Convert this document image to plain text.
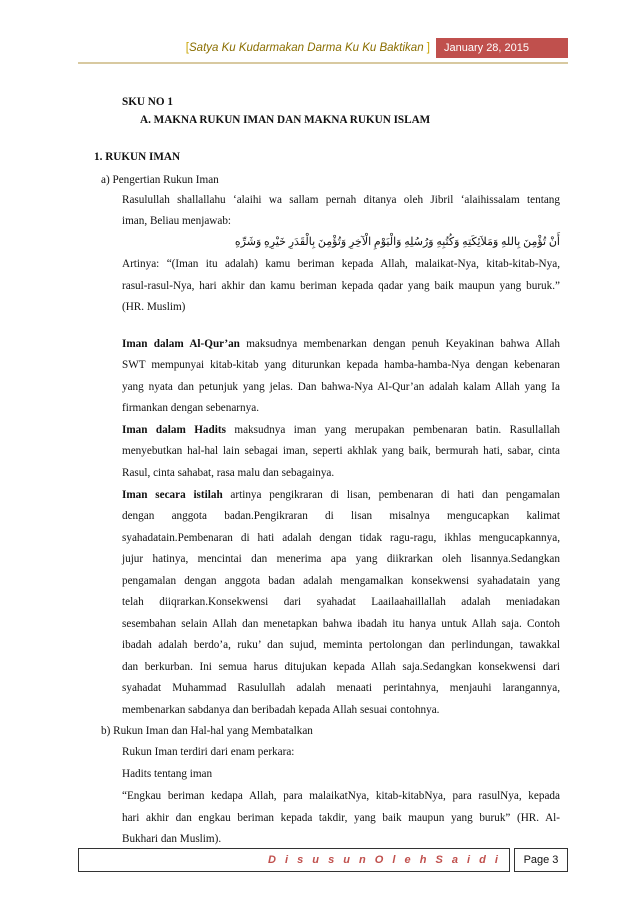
[Satya Ku Kudarmakan Darma Ku Ku Baktikan ]	January 28, 2015
SKU NO 1
A. MAKNA RUKUN IMAN DAN MAKNA RUKUN ISLAM
1. RUKUN IMAN
a) Pengertian Rukun Iman
Rasulullah shallallahu ‘alaihi wa sallam pernah ditanya oleh Jibril ‘alaihissalam tentang
iman, Beliau menjawab:
أَنْ تُؤْمِنَ بِاللهِ وَمَلاَئِكَتِهِ وَكُتُبِهِ وَرُسُلِهِ وَالْيَوْمِ الْآخِرِ وَتُؤْمِنَ بِالْقَدَرِ خَيْرِهِ وَشَرِّهِ
Artinya: “(Iman itu adalah) kamu beriman kepada Allah, malaikat-Nya, kitab-kitab-Nya,
rasul-rasul-Nya, hari akhir dan kamu beriman kepada qadar yang baik maupun yang buruk.”
(HR. Muslim)
Iman dalam Al-Qur’an maksudnya membenarkan dengan penuh Keyakinan bahwa Allah
SWT mempunyai kitab-kitab yang diturunkan kepada hamba-hamba-Nya dengan kebenaran
yang nyata dan petunjuk yang jelas. Dan bahwa-Nya Al-Qur’an adalah kalam Allah yang Ia
firmankan dengan sebenarnya.
Iman dalam Hadits maksudnya iman yang merupakan pembenaran batin. Rasullallah
menyebutkan hal-hal lain sebagai iman, seperti akhlak yang baik, bermurah hati, sabar, cinta
Rasul, cinta sahabat, rasa malu dan sebagainya.
Iman secara istilah artinya pengikraran di lisan, pembenaran di hati dan pengamalan
dengan anggota badan.Pengikraran di lisan misalnya mengucapkan kalimat
syahadatain.Pembenaran di hati adalah dengan tidak ragu-ragu, ikhlas mengucapkannya,
jujur hatinya, mencintai dan menerima apa yang diikrarkan oleh lisannya.Sedangkan
pengamalan dengan anggota badan adalah mengamalkan konsekwensi syahadatain yang
telah diiqrarkan.Konsekwensi dari syahadat Laailaahaillallah adalah meniadakan
sesembahan selain Allah dan menetapkan bahwa ibadah itu hanya untuk Allah saja. Contoh
ibadah adalah berdo’a, ruku’ dan sujud, meminta pertolongan dan perlindungan, tawakkal
dan berkurban. Ini semua harus ditujukan kepada Allah saja.Sedangkan konsekwensi dari
syahadat Muhammad Rasulullah adalah menaati perintahnya, menjauhi larangannya,
membenarkan sabdanya dan beribadah kepada Allah sesuai contohnya.
b) Rukun Iman dan Hal-hal yang Membatalkan
Rukun Iman terdiri dari enam perkara:
Hadits tentang iman
“Engkau beriman kedapa Allah, para malaikatNya, kitab-kitabNya, para rasulNya, kepada
hari akhir dan engkau beriman kepada takdir, yang baik maupun yang buruk” (HR. Al-
Bukhari dan Muslim).
D i s u s u n O l e h S a i d i	Page 3
